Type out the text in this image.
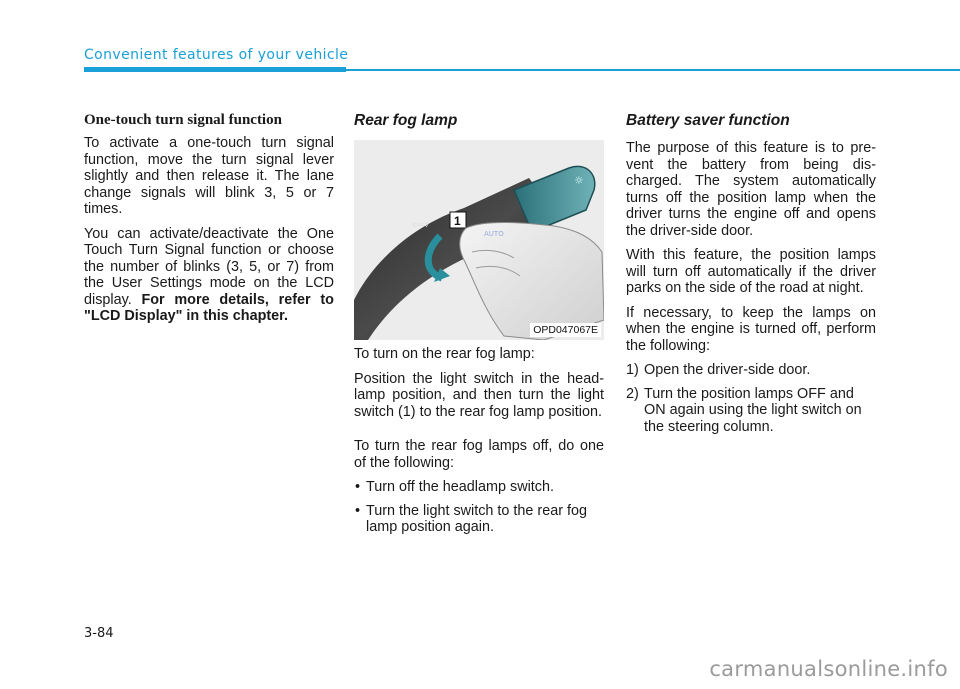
Convenient features of your vehicle
One-touch turn signal function

To activate a one-touch turn signal function, move the turn signal lever slightly and then release it. The lane change signals will blink 3, 5 or 7 times.

You can activate/deactivate the One Touch Turn Signal function or choose the number of blinks (3, 5, or 7) from the User Settings mode on the LCD display. For more details, refer to "LCD Display" in this chapter.

Rear fog lamp
☼
⇦⇨ 1
AUTO
OPD047067E

To turn on the rear fog lamp:

Position the light switch in the head-lamp position, and then turn the light switch (1) to the rear fog lamp position.

To turn the rear fog lamps off, do one of the following:

• Turn off the headlamp switch.
• Turn the light switch to the rear fog lamp position again.
Battery saver function

The purpose of this feature is to pre-vent the battery from being dis-charged. The system automatically turns off the position lamp when the driver turns the engine off and opens the driver-side door.

With this feature, the position lamps will turn off automatically if the driver parks on the side of the road at night.

If necessary, to keep the lamps on when the engine is turned off, perform the following:

1) Open the driver-side door.
2) Turn the position lamps OFF and ON again using the light switch on the steering column.
3-84
carmanualsonline.info
